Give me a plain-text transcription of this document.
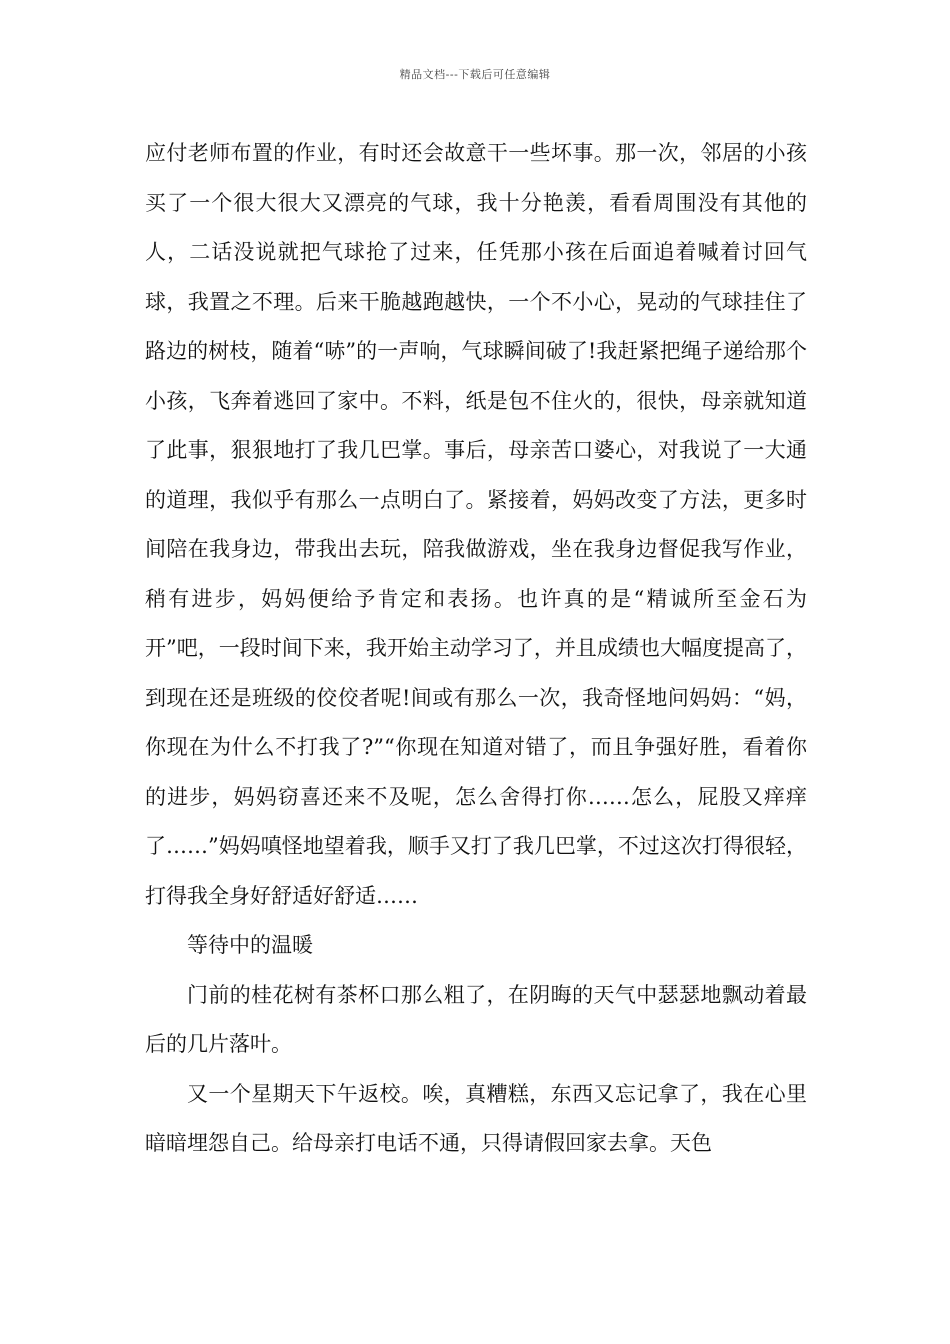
精品文档---下载后可任意编辑

应付老师布置的作业，有时还会故意干一些坏事。那一次，邻居的小孩买了一个很大很大又漂亮的气球，我十分艳羡，看看周围没有其他的人，二话没说就把气球抢了过来，任凭那小孩在后面追着喊着讨回气球，我置之不理。后来干脆越跑越快，一个不小心，晃动的气球挂住了路边的树枝，随着“哧”的一声响，气球瞬间破了!我赶紧把绳子递给那个小孩，飞奔着逃回了家中。不料，纸是包不住火的，很快，母亲就知道了此事，狠狠地打了我几巴掌。事后，母亲苦口婆心，对我说了一大通的道理，我似乎有那么一点明白了。紧接着，妈妈改变了方法，更多时间陪在我身边，带我出去玩，陪我做游戏，坐在我身边督促我写作业，稍有进步，妈妈便给予肯定和表扬。也许真的是“精诚所至金石为开”吧，一段时间下来，我开始主动学习了，并且成绩也大幅度提高了，到现在还是班级的佼佼者呢!间或有那么一次，我奇怪地问妈妈：“妈，你现在为什么不打我了?”“你现在知道对错了，而且争强好胜，看着你的进步，妈妈窃喜还来不及呢，怎么舍得打你……怎么，屁股又痒痒了……”妈妈嗔怪地望着我，顺手又打了我几巴掌，不过这次打得很轻，打得我全身好舒适好舒适……

等待中的温暖

门前的桂花树有茶杯口那么粗了，在阴晦的天气中瑟瑟地飘动着最后的几片落叶。

又一个星期天下午返校。唉，真糟糕，东西又忘记拿了，我在心里暗暗埋怨自己。给母亲打电话不通，只得请假回家去拿。天色
